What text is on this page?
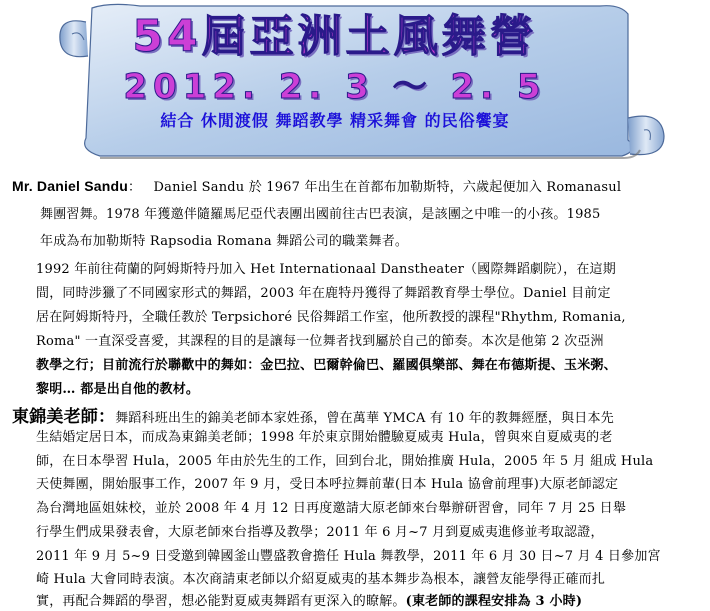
54屆亞洲土風舞營
2012. 2. 3 ～ 2. 5
結合 休閒渡假 舞蹈教學 精采舞會 的民俗饗宴
Mr. Daniel Sandu： Daniel Sandu 於 1967 年出生在首都布加勒斯特，六歲起便加入 Romanasul
舞團習舞。1978 年獲邀伴隨羅馬尼亞代表團出國前往古巴表演，是該團之中唯一的小孩。1985
年成為布加勒斯特 Rapsodia Romana 舞蹈公司的職業舞者。
1992 年前往荷蘭的阿姆斯特丹加入 Het Internationaal Danstheater（國際舞蹈劇院），在這期
間，同時涉獵了不同國家形式的舞蹈，2003 年在鹿特丹獲得了舞蹈教育學士學位。Daniel 目前定
居在阿姆斯特丹，全職任教於 Terpsichoré 民俗舞蹈工作室，他所教授的課程"Rhythm, Romania,
Roma" 一直深受喜愛，其課程的目的是讓每一位舞者找到屬於自己的節奏。本次是他第 2 次亞洲
教學之行；目前流行於聯歡中的舞如：金巴拉、巴爾幹倫巴、羅國俱樂部、舞在布德斯提、玉米粥、
黎明… 都是出自他的教材。
東錦美老師：舞蹈科班出生的錦美老師本家姓孫，曾在萬華 YMCA 有 10 年的教舞經歷，與日本先
生結婚定居日本，而成為東錦美老師；1998 年於東京開始體驗夏威夷 Hula，曾與來自夏威夷的老
師，在日本學習 Hula，2005 年由於先生的工作，回到台北，開始推廣 Hula，2005 年 5 月 組成 Hula
天使舞團，開始服事工作，2007 年 9 月，受日本呼拉舞前輩(日本 Hula 協會前理事)大原老師認定
為台灣地區姐妹校，並於 2008 年 4 月 12 日再度邀請大原老師來台舉辦研習會，同年 7 月 25 日舉
行學生們成果發表會，大原老師來台指導及教學；2011 年 6 月~7 月到夏威夷進修並考取認證，
2011 年 9 月 5~9 日受邀到韓國釜山豐盛教會擔任 Hula 舞教學，2011 年 6 月 30 日~7 月 4 日參加宮
崎 Hula 大會同時表演。本次商請東老師以介紹夏威夷的基本舞步為根本，讓營友能學得正確而扎
實，再配合舞蹈的學習，想必能對夏威夷舞蹈有更深入的瞭解。(東老師的課程安排為 3 小時)
